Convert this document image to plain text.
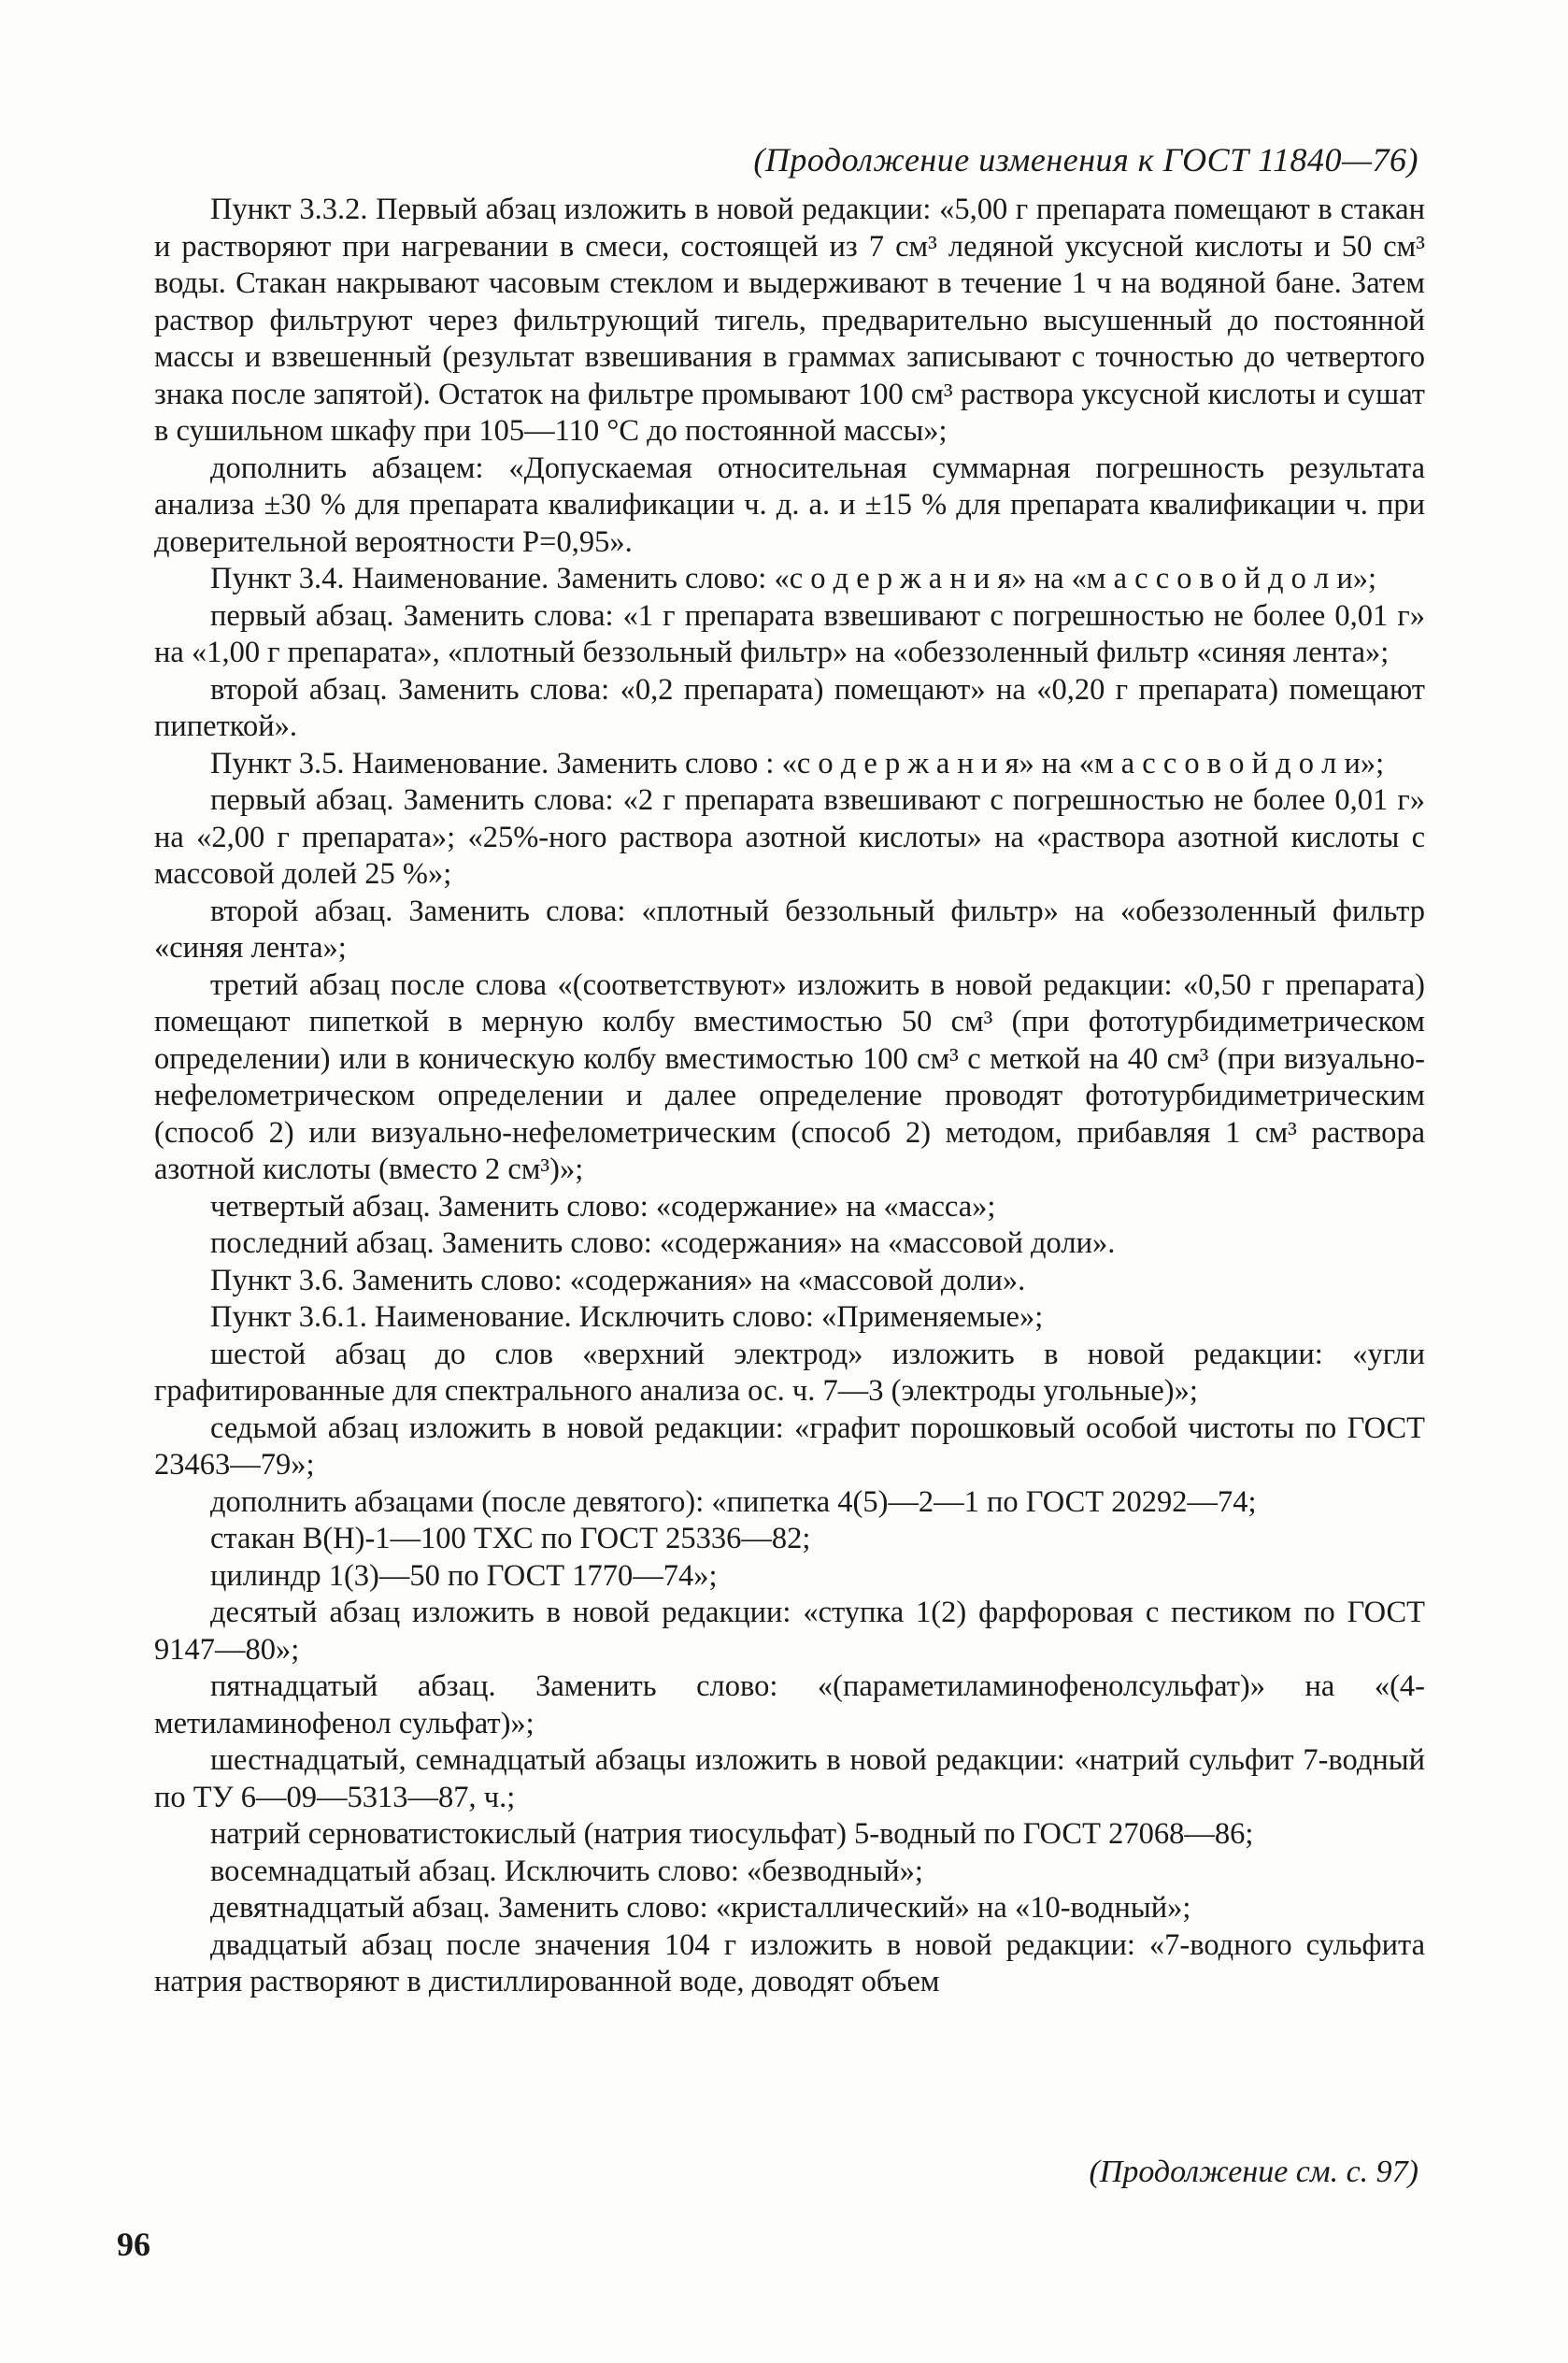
(Продолжение изменения к ГОСТ 11840—76)

Пункт 3.3.2. Первый абзац изложить в новой редакции: «5,00 г препарата помещают в стакан и растворяют при нагревании в смеси, состоящей из 7 см³ ледяной уксусной кислоты и 50 см³ воды. Стакан накрывают часовым стеклом и выдерживают в течение 1 ч на водяной бане. Затем раствор фильтруют через фильтрующий тигель, предварительно высушенный до постоянной массы и взвешенный (результат взвешивания в граммах записывают с точностью до четвертого знака после запятой). Остаток на фильтре промывают 100 см³ раствора уксусной кислоты и сушат в сушильном шкафу при 105—110 °С до постоянной массы»;

дополнить абзацем: «Допускаемая относительная суммарная погрешность результата анализа ±30 % для препарата квалификации ч. д. а. и ±15 % для препарата квалификации ч. при доверительной вероятности P=0,95».

Пункт 3.4. Наименование. Заменить слово: «с о д е р ж а н и я» на «м а с с о в о й д о л и»;

первый абзац. Заменить слова: «1 г препарата взвешивают с погрешностью не более 0,01 г» на «1,00 г препарата», «плотный беззольный фильтр» на «обеззоленный фильтр «синяя лента»;

второй абзац. Заменить слова: «0,2 препарата) помещают» на «0,20 г препарата) помещают пипеткой».

Пункт 3.5. Наименование. Заменить слово : «с о д е р ж а н и я» на «м а с с о в о й д о л и»;

первый абзац. Заменить слова: «2 г препарата взвешивают с погрешностью не более 0,01 г» на «2,00 г препарата»; «25%-ного раствора азотной кислоты» на «раствора азотной кислоты с массовой долей 25 %»;

второй абзац. Заменить слова: «плотный беззольный фильтр» на «обеззоленный фильтр «синяя лента»;

третий абзац после слова «(соответствуют» изложить в новой редакции: «0,50 г препарата) помещают пипеткой в мерную колбу вместимостью 50 см³ (при фототурбидиметрическом определении) или в коническую колбу вместимостью 100 см³ с меткой на 40 см³ (при визуально-нефелометрическом определении и далее определение проводят фототурбидиметрическим (способ 2) или визуально-нефелометрическим (способ 2) методом, прибавляя 1 см³ раствора азотной кислоты (вместо 2 см³)»;

четвертый абзац. Заменить слово: «содержание» на «масса»;

последний абзац. Заменить слово: «содержания» на «массовой доли».

Пункт 3.6. Заменить слово: «содержания» на «массовой доли».

Пункт 3.6.1. Наименование. Исключить слово: «Применяемые»;

шестой абзац до слов «верхний электрод» изложить в новой редакции: «угли графитированные для спектрального анализа ос. ч. 7—3 (электроды угольные)»;

седьмой абзац изложить в новой редакции: «графит порошковый особой чистоты по ГОСТ 23463—79»;

дополнить абзацами (после девятого): «пипетка 4(5)—2—1 по ГОСТ 20292—74;

стакан В(Н)-1—100 ТХС по ГОСТ 25336—82;

цилиндр 1(3)—50 по ГОСТ 1770—74»;

десятый абзац изложить в новой редакции: «ступка 1(2) фарфоровая с пестиком по ГОСТ 9147—80»;

пятнадцатый абзац. Заменить слово: «(параметиламинофенолсульфат)» на «(4-метиламинофенол сульфат)»;

шестнадцатый, семнадцатый абзацы изложить в новой редакции: «натрий сульфит 7-водный по ТУ 6—09—5313—87, ч.;

натрий серноватистокислый (натрия тиосульфат) 5-водный по ГОСТ 27068—86;

восемнадцатый абзац. Исключить слово: «безводный»;

девятнадцатый абзац. Заменить слово: «кристаллический» на «10-водный»;

двадцатый абзац после значения 104 г изложить в новой редакции: «7-водного сульфита натрия растворяют в дистиллированной воде, доводят объем

(Продолжение см. с. 97)
96
